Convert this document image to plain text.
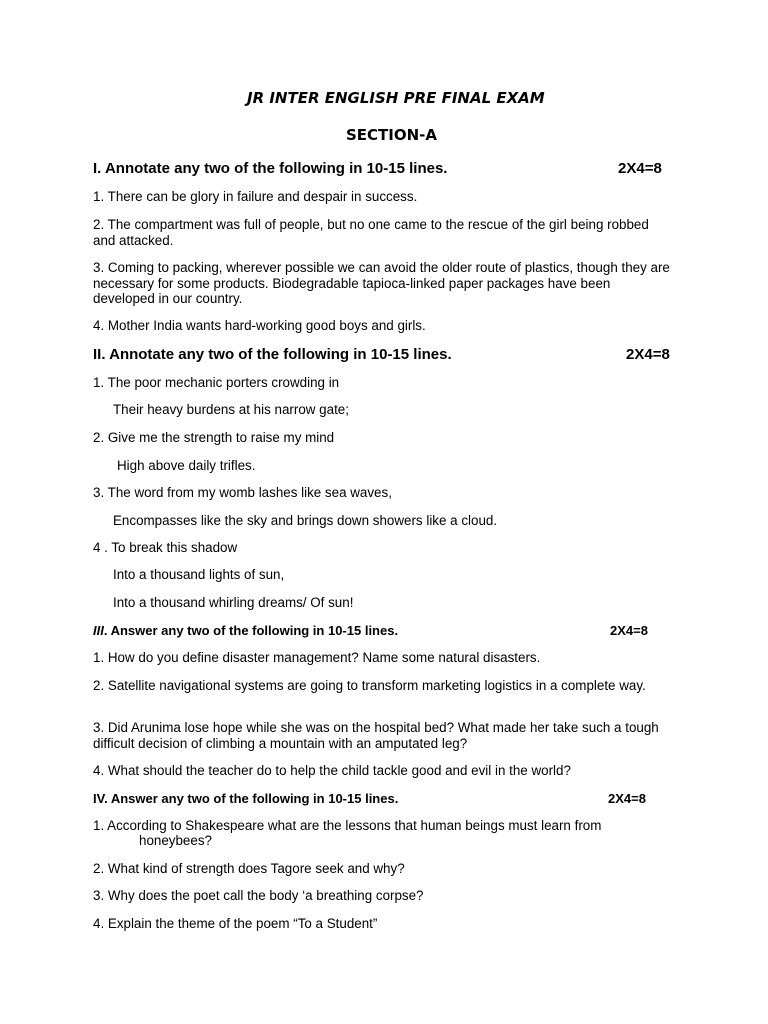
JR INTER ENGLISH PRE FINAL EXAM
SECTION-A
I. Annotate any two of the following in 10-15 lines.	2X4=8
1. There can be glory in failure and despair in success.
2. The compartment was full of people, but no one came to the rescue of the girl being robbed and attacked.
3. Coming to packing, wherever possible we can avoid the older route of plastics, though they are necessary for some products. Biodegradable tapioca-linked paper packages have been developed in our country.
4. Mother India wants hard-working good boys and girls.
II. Annotate any two of the following in 10-15 lines.	2X4=8
1. The poor mechanic porters crowding in
Their heavy burdens at his narrow gate;
2. Give me the strength to raise my mind
High above daily trifles.
3. The word from my womb lashes like sea waves,
Encompasses like the sky and brings down showers like a cloud.
4 . To break this shadow
Into a thousand lights of sun,
Into a thousand whirling dreams/ Of sun!
III. Answer any two of the following in 10-15 lines.	2X4=8
1. How do you define disaster management? Name some natural disasters.
2. Satellite navigational systems are going to transform marketing logistics in a complete way.
3. Did Arunima lose hope while she was on the hospital bed? What made her take such a tough difficult decision of climbing a mountain with an amputated leg?
4. What should the teacher do to help the child tackle good and evil in the world?
IV. Answer any two of the following in 10-15 lines.	2X4=8
1. According to Shakespeare what are the lessons that human beings must learn from
honeybees?
2. What kind of strength does Tagore seek and why?
3. Why does the poet call the body ‘a breathing corpse?
4. Explain the theme of the poem “To a Student”
